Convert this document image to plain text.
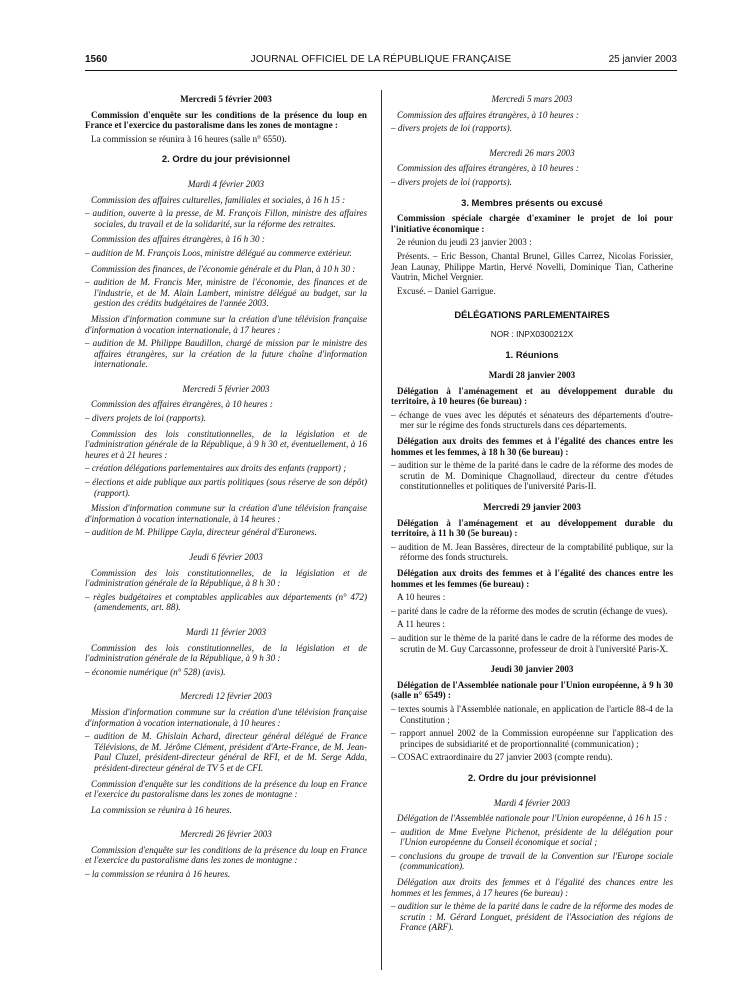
1560	JOURNAL OFFICIEL DE LA RÉPUBLIQUE FRANÇAISE	25 janvier 2003

Mercredi 5 février 2003

Commission d'enquête sur les conditions de la présence du loup en France et l'exercice du pastoralisme dans les zones de montagne :

La commission se réunira à 16 heures (salle n° 6550).

2. Ordre du jour prévisionnel

Mardi 4 février 2003

Commission des affaires culturelles, familiales et sociales, à 16 h 15 :

– audition, ouverte à la presse, de M. François Fillon, ministre des affaires sociales, du travail et de la solidarité, sur la réforme des retraites.

Commission des affaires étrangères, à 16 h 30 :

– audition de M. François Loos, ministre délégué au commerce extérieur.

Commission des finances, de l'économie générale et du Plan, à 10 h 30 :

– audition de M. Francis Mer, ministre de l'économie, des finances et de l'industrie, et de M. Alain Lambert, ministre délégué au budget, sur la gestion des crédits budgétaires de l'année 2003.

Mission d'information commune sur la création d'une télévision française d'information à vocation internationale, à 17 heures :

– audition de M. Philippe Baudillon, chargé de mission par le ministre des affaires étrangères, sur la création de la future chaîne d'information internationale.

Mercredi 5 février 2003

Commission des affaires étrangères, à 10 heures :

– divers projets de loi (rapports).

Commission des lois constitutionnelles, de la législation et de l'administration générale de la République, à 9 h 30 et, éventuellement, à 16 heures et à 21 heures :

– création délégations parlementaires aux droits des enfants (rapport) ;

– élections et aide publique aux partis politiques (sous réserve de son dépôt) (rapport).

Mission d'information commune sur la création d'une télévision française d'information à vocation internationale, à 14 heures :

– audition de M. Philippe Cayla, directeur général d'Euronews.

Jeudi 6 février 2003

Commission des lois constitutionnelles, de la législation et de l'administration générale de la République, à 8 h 30 :

– règles budgétaires et comptables applicables aux départements (n° 472) (amendements, art. 88).

Mardi 11 février 2003

Commission des lois constitutionnelles, de la législation et de l'administration générale de la République, à 9 h 30 :

– économie numérique (n° 528) (avis).

Mercredi 12 février 2003

Mission d'information commune sur la création d'une télévision française d'information à vocation internationale, à 10 heures :

– audition de M. Ghislain Achard, directeur général délégué de France Télévisions, de M. Jérôme Clément, président d'Arte-France, de M. Jean-Paul Cluzel, président-directeur général de RFI, et de M. Serge Adda, président-directeur général de TV 5 et de CFI.

Commission d'enquête sur les conditions de la présence du loup en France et l'exercice du pastoralisme dans les zones de montagne :

La commission se réunira à 16 heures.

Mercredi 26 février 2003

Commission d'enquête sur les conditions de la présence du loup en France et l'exercice du pastoralisme dans les zones de montagne :

– la commission se réunira à 16 heures.

Mercredi 5 mars 2003

Commission des affaires étrangères, à 10 heures :

– divers projets de loi (rapports).

Mercredi 26 mars 2003

Commission des affaires étrangères, à 10 heures :

– divers projets de loi (rapports).

3. Membres présents ou excusé

Commission spéciale chargée d'examiner le projet de loi pour l'initiative économique :

2e réunion du jeudi 23 janvier 2003 :

Présents. – Eric Besson, Chantal Brunel, Gilles Carrez, Nicolas Forissier, Jean Launay, Philippe Martin, Hervé Novelli, Dominique Tian, Catherine Vautrin, Michel Vergnier.

Excusé. – Daniel Garrigue.

DÉLÉGATIONS PARLEMENTAIRES

NOR : INPX0300212X

1. Réunions

Mardi 28 janvier 2003

Délégation à l'aménagement et au développement durable du territoire, à 10 heures (6e bureau) :

– échange de vues avec les députés et sénateurs des départements d'outre-mer sur le régime des fonds structurels dans ces départements.

Délégation aux droits des femmes et à l'égalité des chances entre les hommes et les femmes, à 18 h 30 (6e bureau) :

– audition sur le thème de la parité dans le cadre de la réforme des modes de scrutin de M. Dominique Chagnollaud, directeur du centre d'études constitutionnelles et politiques de l'université Paris-II.

Mercredi 29 janvier 2003

Délégation à l'aménagement et au développement durable du territoire, à 11 h 30 (5e bureau) :

– audition de M. Jean Bassères, directeur de la comptabilité publique, sur la réforme des fonds structurels.

Délégation aux droits des femmes et à l'égalité des chances entre les hommes et les femmes (6e bureau) :

A 10 heures :

– parité dans le cadre de la réforme des modes de scrutin (échange de vues).

A 11 heures :

– audition sur le thème de la parité dans le cadre de la réforme des modes de scrutin de M. Guy Carcassonne, professeur de droit à l'université Paris-X.

Jeudi 30 janvier 2003

Délégation de l'Assemblée nationale pour l'Union européenne, à 9 h 30 (salle n° 6549) :

– textes soumis à l'Assemblée nationale, en application de l'article 88-4 de la Constitution ;

– rapport annuel 2002 de la Commission européenne sur l'application des principes de subsidiarité et de proportionnalité (communication) ;

– COSAC extraordinaire du 27 janvier 2003 (compte rendu).

2. Ordre du jour prévisionnel

Mardi 4 février 2003

Délégation de l'Assemblée nationale pour l'Union européenne, à 16 h 15 :

– audition de Mme Evelyne Pichenot, présidente de la délégation pour l'Union européenne du Conseil économique et social ;

– conclusions du groupe de travail de la Convention sur l'Europe sociale (communication).

Délégation aux droits des femmes et à l'égalité des chances entre les hommes et les femmes, à 17 heures (6e bureau) :

– audition sur le thème de la parité dans le cadre de la réforme des modes de scrutin : M. Gérard Longuet, président de l'Association des régions de France (ARF).
